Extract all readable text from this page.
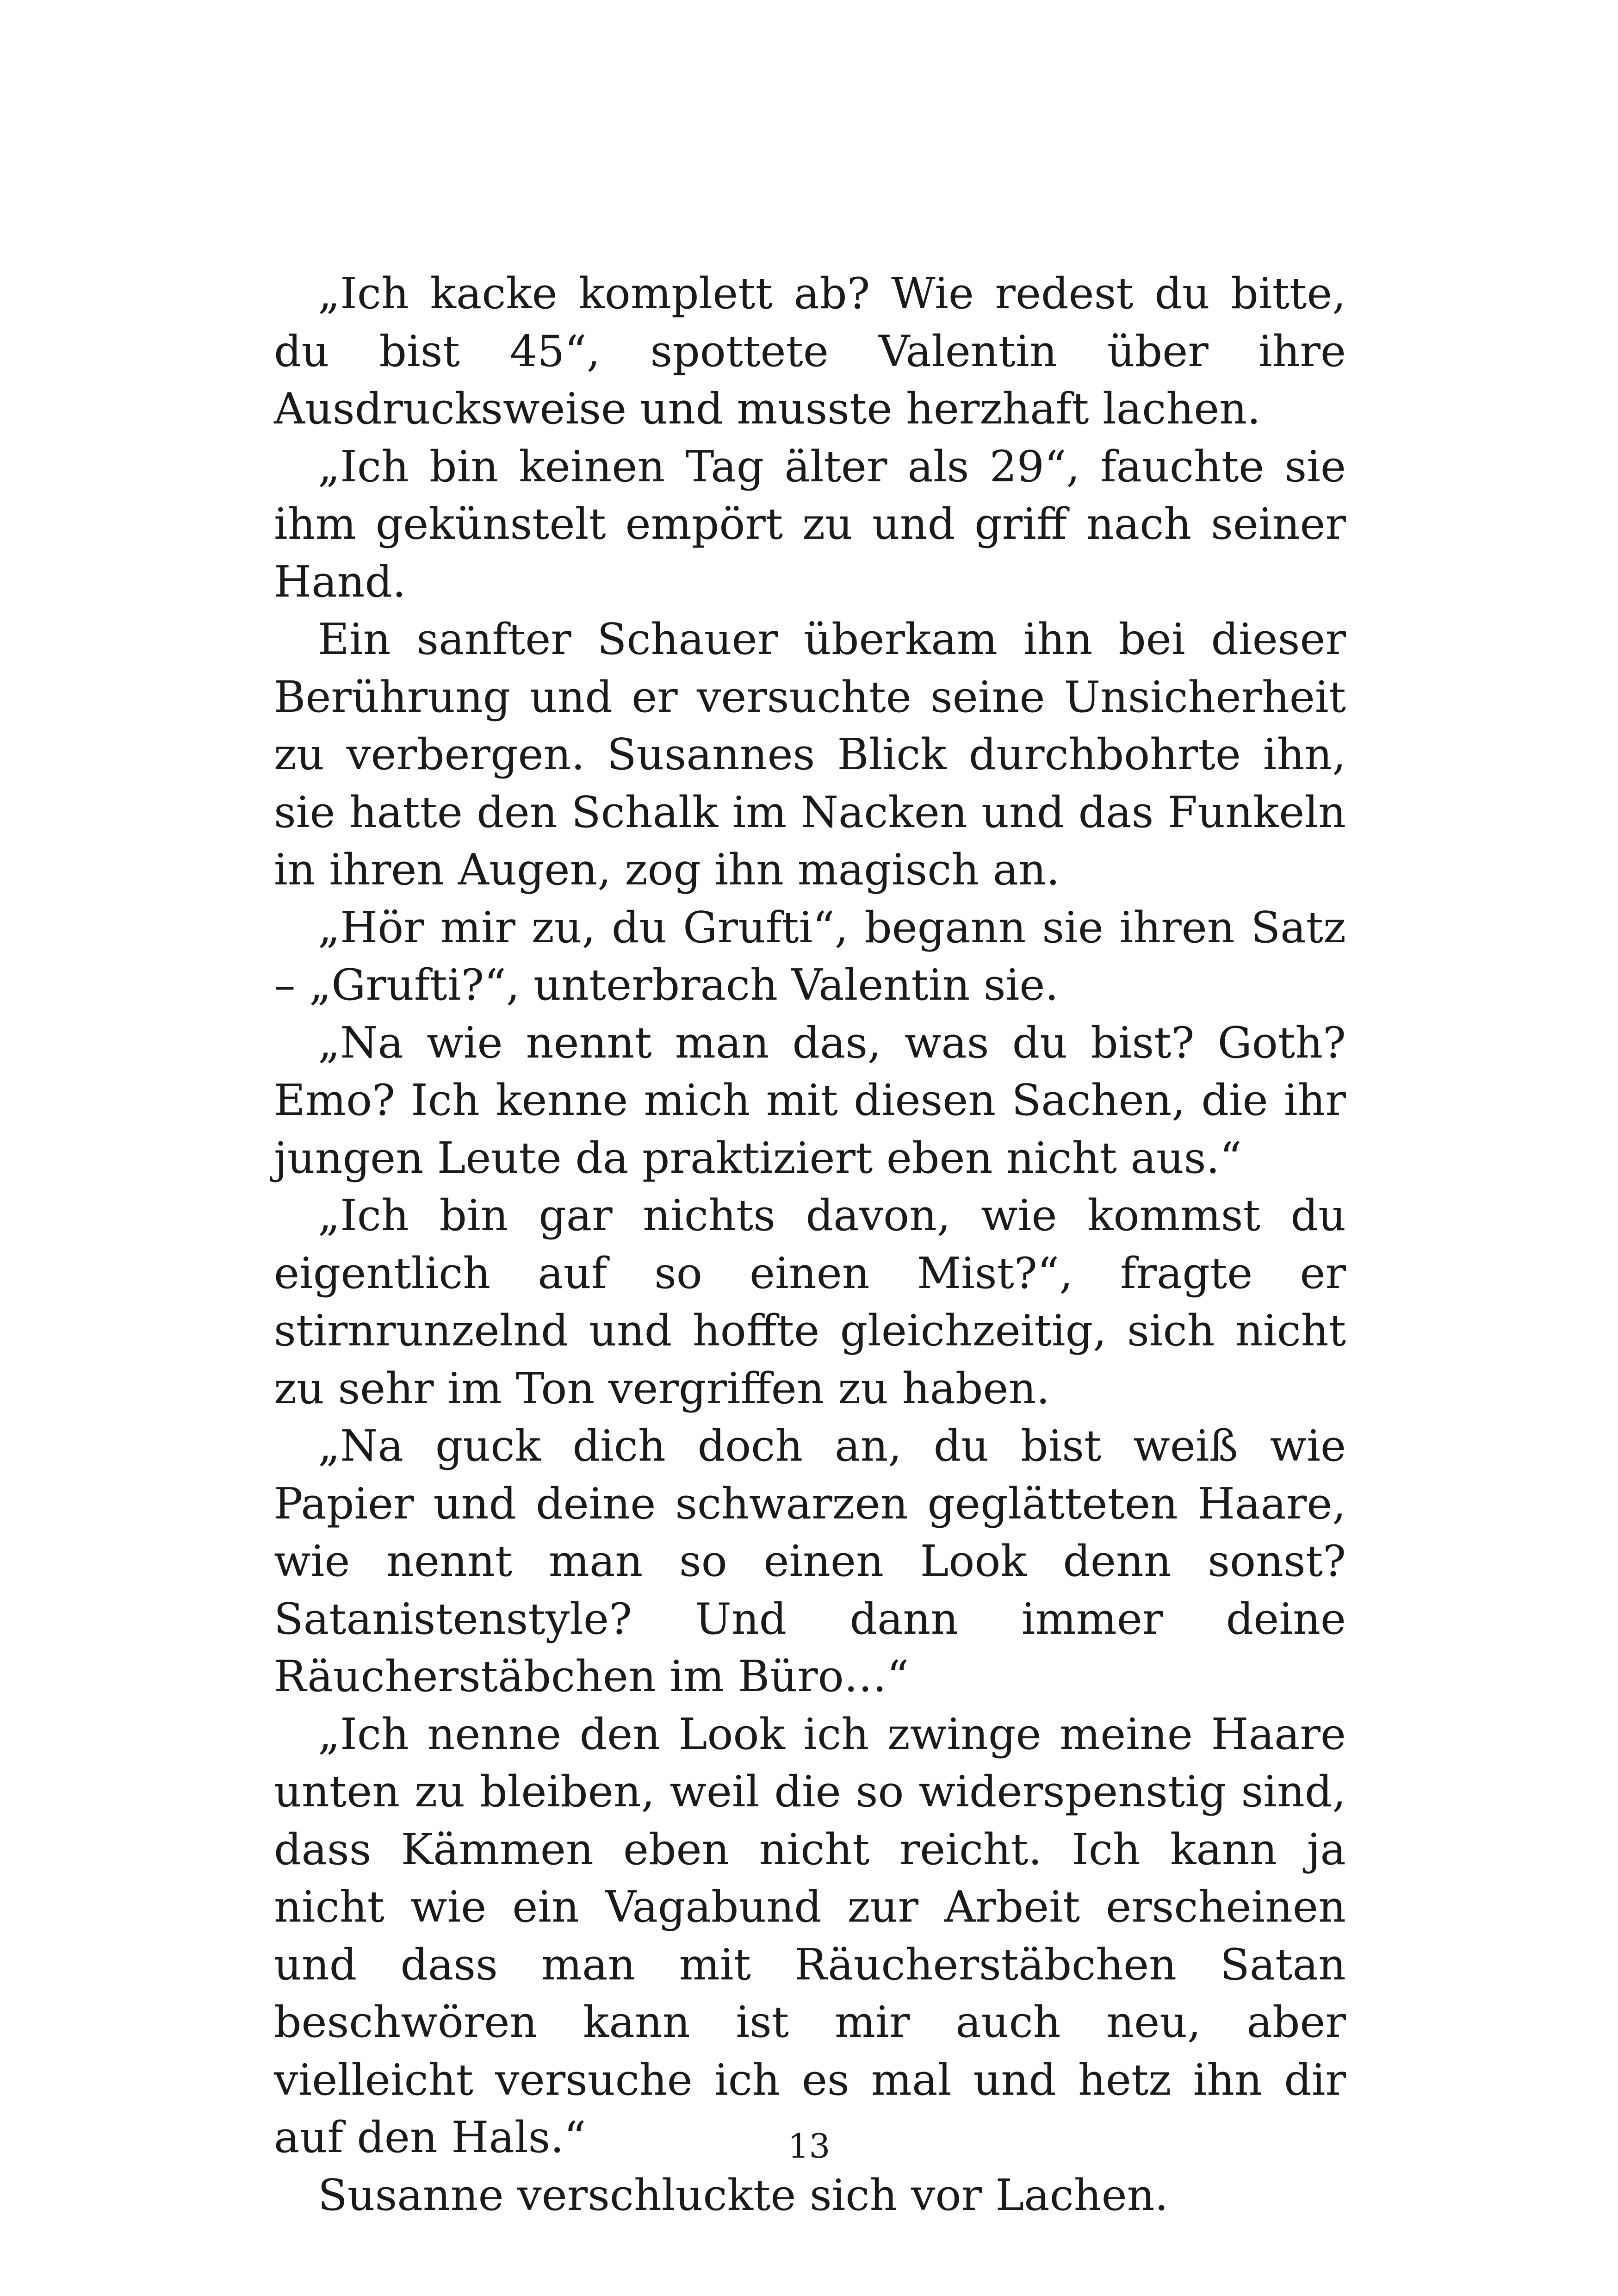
„Ich kacke komplett ab? Wie redest du bitte, du bist 45“, spottete Valentin über ihre Ausdrucksweise und musste herzhaft lachen.

„Ich bin keinen Tag älter als 29“, fauchte sie ihm gekünstelt empört zu und griff nach seiner Hand.

Ein sanfter Schauer überkam ihn bei dieser Berührung und er versuchte seine Unsicherheit zu verbergen. Susannes Blick durchbohrte ihn, sie hatte den Schalk im Nacken und das Funkeln in ihren Augen, zog ihn magisch an.

„Hör mir zu, du Grufti“, begann sie ihren Satz – „Grufti?“, unterbrach Valentin sie.

„Na wie nennt man das, was du bist? Goth? Emo? Ich kenne mich mit diesen Sachen, die ihr jungen Leute da praktiziert eben nicht aus.“

„Ich bin gar nichts davon, wie kommst du eigentlich auf so einen Mist?“, fragte er stirnrunzelnd und hoffte gleichzeitig, sich nicht zu sehr im Ton vergriffen zu haben.

„Na guck dich doch an, du bist weiß wie Papier und deine schwarzen geglätteten Haare, wie nennt man so einen Look denn sonst? Satanistenstyle? Und dann immer deine Räucherstäbchen im Büro…“

„Ich nenne den Look ich zwinge meine Haare unten zu bleiben, weil die so widerspenstig sind, dass Kämmen eben nicht reicht. Ich kann ja nicht wie ein Vagabund zur Arbeit erscheinen und dass man mit Räucherstäbchen Satan beschwören kann ist mir auch neu, aber vielleicht versuche ich es mal und hetz ihn dir auf den Hals.“

Susanne verschluckte sich vor Lachen.

13
